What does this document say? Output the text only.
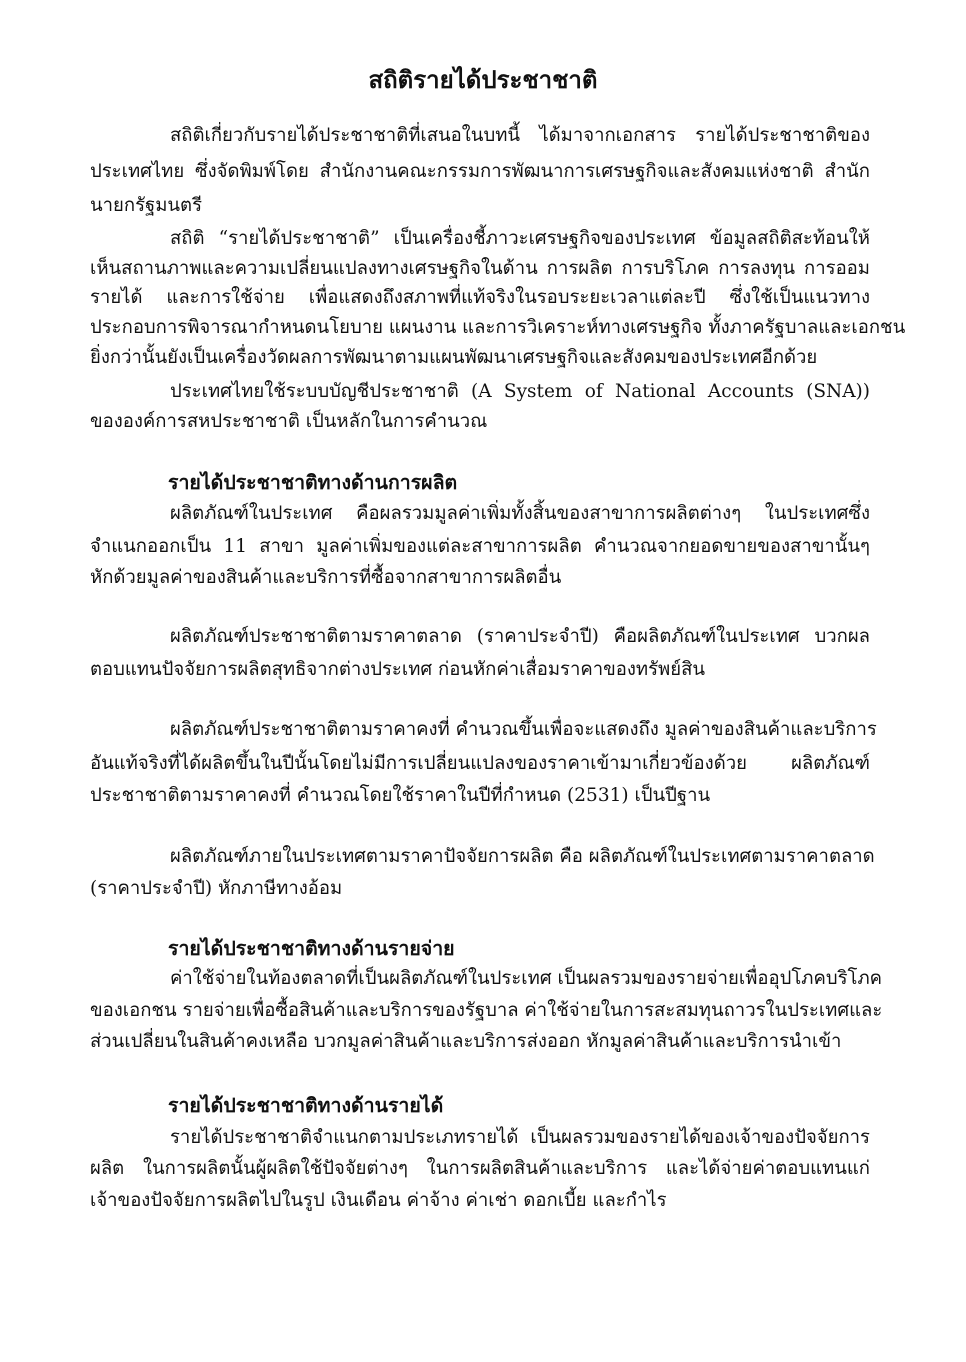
สถิติรายได้ประชาชาติ
สถิติเกี่ยวกับรายได้ประชาชาติที่เสนอในบทนี้ ได้มาจากเอกสาร รายได้ประชาชาติของ
ประเทศไทย ซึ่งจัดพิมพ์โดย สำนักงานคณะกรรมการพัฒนาการเศรษฐกิจและสังคมแห่งชาติ สำนัก
นายกรัฐมนตรี
สถิติ “รายได้ประชาชาติ” เป็นเครื่องชี้ภาวะเศรษฐกิจของประเทศ ข้อมูลสถิติสะท้อนให้
เห็นสถานภาพและความเปลี่ยนแปลงทางเศรษฐกิจในด้าน การผลิต การบริโภค การลงทุน การออม
รายได้ และการใช้จ่าย เพื่อแสดงถึงสภาพที่แท้จริงในรอบระยะเวลาแต่ละปี ซึ่งใช้เป็นแนวทาง
ประกอบการพิจารณากำหนดนโยบาย แผนงาน และการวิเคราะห์ทางเศรษฐกิจ ทั้งภาครัฐบาลและเอกชน
ยิ่งกว่านั้นยังเป็นเครื่องวัดผลการพัฒนาตามแผนพัฒนาเศรษฐกิจและสังคมของประเทศอีกด้วย
ประเทศไทยใช้ระบบบัญชีประชาชาติ (A System of National Accounts (SNA))
ขององค์การสหประชาชาติ เป็นหลักในการคำนวณ
รายได้ประชาชาติทางด้านการผลิต
ผลิตภัณฑ์ในประเทศ คือผลรวมมูลค่าเพิ่มทั้งสิ้นของสาขาการผลิตต่างๆ ในประเทศซึ่ง
จำแนกออกเป็น 11 สาขา มูลค่าเพิ่มของแต่ละสาขาการผลิต คำนวณจากยอดขายของสาขานั้นๆ
หักด้วยมูลค่าของสินค้าและบริการที่ซื้อจากสาขาการผลิตอื่น
ผลิตภัณฑ์ประชาชาติตามราคาตลาด (ราคาประจำปี) คือผลิตภัณฑ์ในประเทศ บวกผล
ตอบแทนปัจจัยการผลิตสุทธิจากต่างประเทศ ก่อนหักค่าเสื่อมราคาของทรัพย์สิน
ผลิตภัณฑ์ประชาชาติตามราคาคงที่ คำนวณขึ้นเพื่อจะแสดงถึง มูลค่าของสินค้าและบริการ
อันแท้จริงที่ได้ผลิตขึ้นในปีนั้นโดยไม่มีการเปลี่ยนแปลงของราคาเข้ามาเกี่ยวข้องด้วย ผลิตภัณฑ์
ประชาชาติตามราคาคงที่ คำนวณโดยใช้ราคาในปีที่กำหนด (2531) เป็นปีฐาน
ผลิตภัณฑ์ภายในประเทศตามราคาปัจจัยการผลิต คือ ผลิตภัณฑ์ในประเทศตามราคาตลาด
(ราคาประจำปี) หักภาษีทางอ้อม
รายได้ประชาชาติทางด้านรายจ่าย
ค่าใช้จ่ายในท้องตลาดที่เป็นผลิตภัณฑ์ในประเทศ เป็นผลรวมของรายจ่ายเพื่ออุปโภคบริโภค
ของเอกชน รายจ่ายเพื่อซื้อสินค้าและบริการของรัฐบาล ค่าใช้จ่ายในการสะสมทุนถาวรในประเทศและ
ส่วนเปลี่ยนในสินค้าคงเหลือ บวกมูลค่าสินค้าและบริการส่งออก หักมูลค่าสินค้าและบริการนำเข้า
รายได้ประชาชาติทางด้านรายได้
รายได้ประชาชาติจำแนกตามประเภทรายได้ เป็นผลรวมของรายได้ของเจ้าของปัจจัยการ
ผลิต ในการผลิตนั้นผู้ผลิตใช้ปัจจัยต่างๆ ในการผลิตสินค้าและบริการ และได้จ่ายค่าตอบแทนแก่
เจ้าของปัจจัยการผลิตไปในรูป เงินเดือน ค่าจ้าง ค่าเช่า ดอกเบี้ย และกำไร
